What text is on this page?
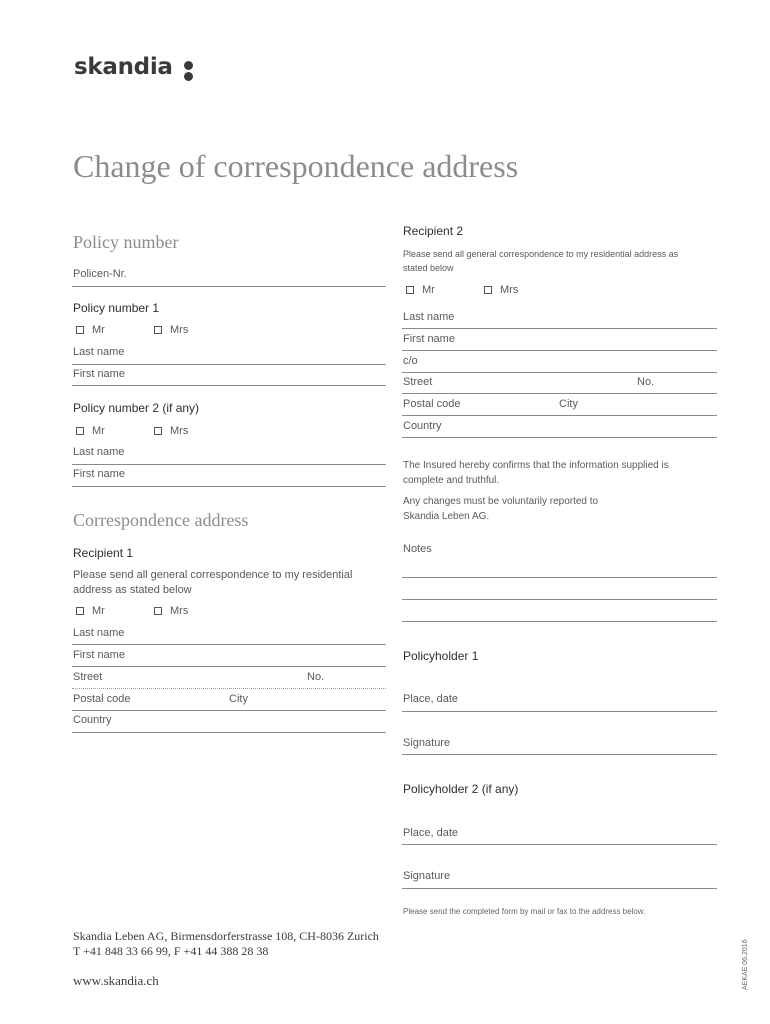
skandia
Change of correspondence address
Policy number
Policen-Nr.
Policy number 1
Mr	Mrs
Last name
First name
Policy number 2 (if any)
Mr	Mrs
Last name
First name
Correspondence address
Recipient 1
Please send all general correspondence to my residential
address as stated below
Mr	Mrs
Last name
First name
Street	No.
Postal code	City
Country
Recipient 2
Please send all general correspondence to my residential address as
stated below
Mr	Mrs
Last name
First name
c/o
Street	No.
Postal code	City
Country
The Insured hereby confirms that the information supplied is
complete and truthful.
Any changes must be voluntarily reported to
Skandia Leben AG.
Notes
Policyholder 1
Place, date
Signature
Policyholder 2 (if any)
Place, date
Signature
Please send the completed form by mail or fax to the address below.
Skandia Leben AG, Birmensdorferstrasse 108, CH-8036 Zurich
T +41 848 33 66 99, F +41 44 388 28 38
www.skandia.ch	AEKAE 06.2016
